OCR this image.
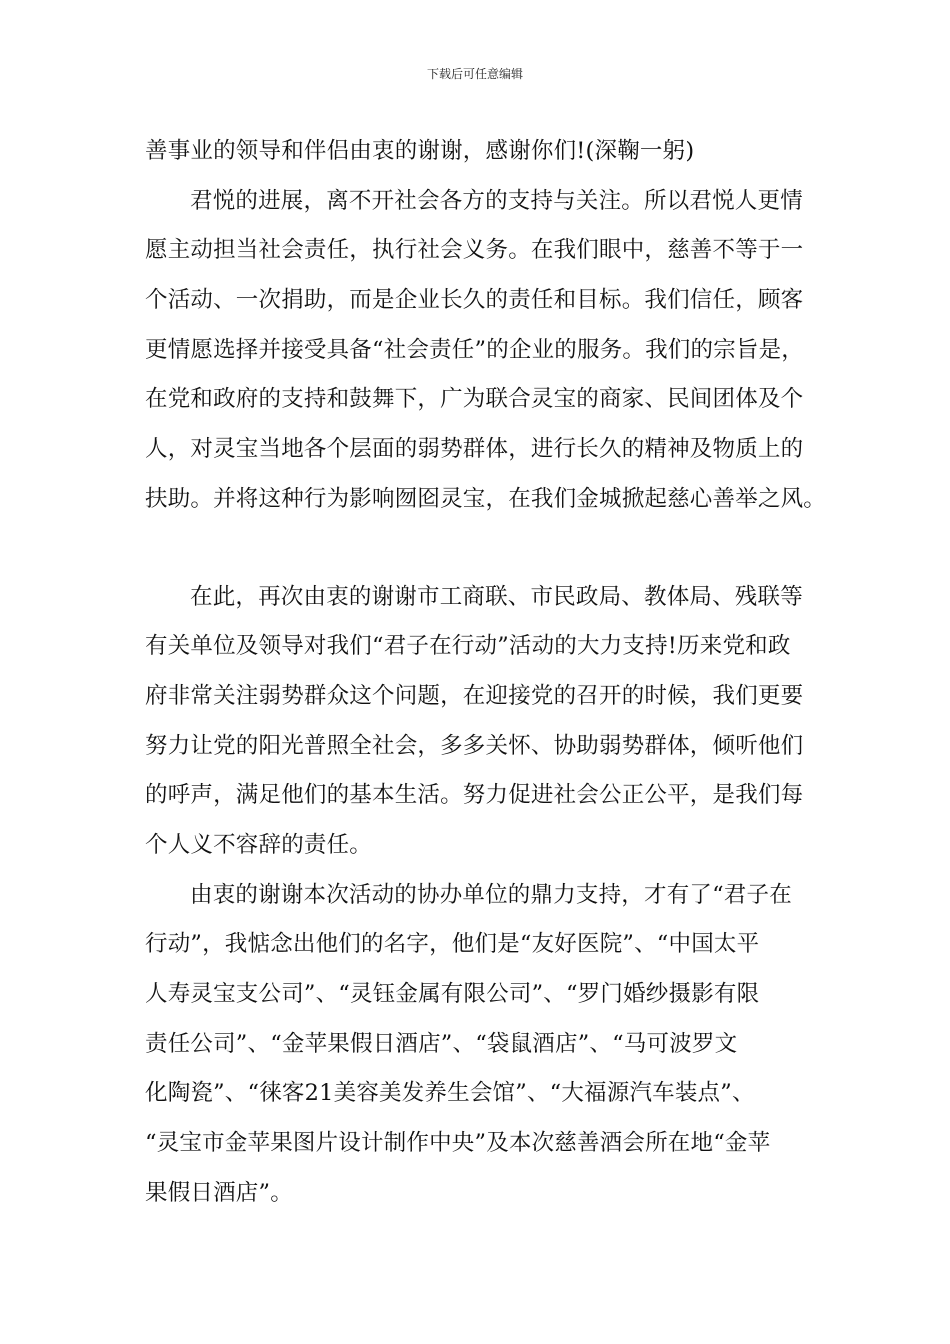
下载后可任意编辑
善事业的领导和伴侣由衷的谢谢，感谢你们!(深鞠一躬)
君悦的进展，离不开社会各方的支持与关注。所以君悦人更情
愿主动担当社会责任，执行社会义务。在我们眼中，慈善不等于一
个活动、一次捐助，而是企业长久的责任和目标。我们信任，顾客
更情愿选择并接受具备“社会责任”的企业的服务。我们的宗旨是，
在党和政府的支持和鼓舞下，广为联合灵宝的商家、民间团体及个
人，对灵宝当地各个层面的弱势群体，进行长久的精神及物质上的
扶助。并将这种行为影响囫囵灵宝，在我们金城掀起慈心善举之风。
在此，再次由衷的谢谢市工商联、市民政局、教体局、残联等
有关单位及领导对我们“君子在行动”活动的大力支持!历来党和政
府非常关注弱势群众这个问题，在迎接党的召开的时候，我们更要
努力让党的阳光普照全社会，多多关怀、协助弱势群体，倾听他们
的呼声，满足他们的基本生活。努力促进社会公正公平，是我们每
个人义不容辞的责任。
由衷的谢谢本次活动的协办单位的鼎力支持，才有了“君子在
行动”，我惦念出他们的名字，他们是“友好医院”、“中国太平
人寿灵宝支公司”、“灵钰金属有限公司”、“罗门婚纱摄影有限
责任公司”、“金苹果假日酒店”、“袋鼠酒店”、“马可波罗文
化陶瓷”、“徕客21美容美发养生会馆”、“大福源汽车装点”、
“灵宝市金苹果图片设计制作中央”及本次慈善酒会所在地“金苹
果假日酒店”。
